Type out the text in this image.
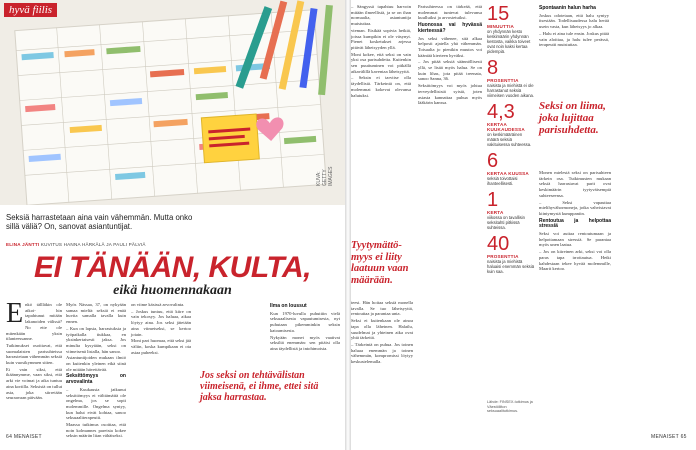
hyvä fiilis
KUVA: GETTY IMAGES
Seksiä harrastetaan aina vain vähemmän. Mutta onko sillä väliä? On, sanovat asiantuntijat.
ELINA JÄNTTI KUVITUS HANNA HÄRKÄLÄ JA PAULI PÄLVIÄ
EI TÄNÄÄN, KULTA,
eikä huomennakaan
E nkö tällläkin ole aikoi- hin tapahtunut mitään lakanoiden välissä? No ette ole mitenkään yksin tilanteessanne.

Tutkimukset osoittavat, että suomalaisten parisuhteissa harrastetaan vähemmän seksiä kuin vuosikymmen sitten.

Ei vain siksi, että ikäännymme, vaan siksi, että arki vie voimat ja aika tuntuu aina kortilla. Seksistä on tullut asia, joka siirretään seuraavaan päivään.

Myös Nässaa, 37, on nykyään samaa mieltä: seksiä ei enää huvita samalla tavalla kuin ennen.

– Kun on lapsia, harrastuksia ja työpaikalla tiukkaa, en yksinkertaisesti jaksa. Jos minulta kysytään, seksi on viimeisenä listalla, hän sanoo.

Asiantuntijoiden mukaan ilmiö on kuitenkin yleinen eikä siinä ole mitään hävettävää.

Seksittömyys on arvovalinta

– Kuukausia jatkunut seksittömyys ei välttämättä ole ongelma, jos se sopii molemmille. Ongelma syntyy, kun halut eivät kohtaa, sanoo seksuaaliterapeutti.

Maassa tutkimus osoittaa, että noin kolmannes pareista kokee seksin määrän liian vähäiseksi.

on viime käsissä arvovalinta.

– Joskus tuntuu, että kiire on vain tekosyy. Jos haluaa, aikaa löytyy aina. Jos seksi jätetään aina viimeiseksi, se kertoo jotain.

Moni pari huomaa, että seksi jää väliin, koska kumpikaan ei ota asiaa puheeksi.

Jos seksi on tehtävälistan viimeisenä, ei ihme, ettei sitä jaksa harrastaa.
Ilma on loussut

Kun 1970-luvulla puhuttiin vielä seksuaalisesta vapautumisesta, nyt puhutaan pikemminkin seksin katoamisesta.

Nykyään monet myös vaativat seksiltä enemmän: sen pitäisi olla aina täydellistä ja intohimoista.

64 MENAISET

– Sängyssä tapahtuu harvoin mitään ilmeellistä, ja se on ihan normaalia, asiantuntija muistuttaa.

vieman. Etsikää sopivia hetkiä, joissa kumpikin ei ole väsynyt. Pienet kosketukset arjessa pitävät läheisyyden yllä.

Moni kokee, että seksi on vain yksi osa parisuhdetta. Kuitenkin sen puuttuminen voi pitkällä aikavälillä kaventaa läheisyyttä.

– Seksin ei tarvitse olla täydellistä. Tärkeintä on, että molemmat kokevat olevansa halutuksi.

Tyytymättö- myys ei liity laatuun vaan määrään.

teesi. Hän hoitaa seksiä monella tavalla. Se tuo läheisyyttä, rentouttaa ja parantaa unta.

Seksi ei kuitenkaan ole ainoa tapa olla läheinen. Halailu, suudelmat ja yhteinen aika ovat yhtä tärkeitä.

– Tärkeintä on puhua. Jos toinen haluaa enemmän ja toinen vähemmän, kompromissi löytyy keskustelemalla.

Parisuhteessa on tärkeää, että molemmat tuntevat tulevansa kuulluiksi ja arvostetuiksi.

Huonossa vai hyvässä kierteessä?

Jos seksi vähenee, sitä alkaa helposti ajatella yhä vähemmän. Toisaalta jo pienikin muutos voi kääntää kierteen hyväksi.

– Jos pitää seksiä säännöllisesti yllä, se lisää myös halua. Se on kuin lihas, jota pitää treenata, sanoo Sanna, 36.

Seksittömyys voi myös johtua terveydellisistä syistä, joten asiasta kannattaa puhua myös lääkärin kanssa.

15
MINUUTTIA
on yhdynnän kesto keskimäärin yhdynnän kestosta, vaikka toiveet ovat noin kaksi kertaa pidempiä.
8
PROSENTTIA
naisista ja miehistä ei ole harrastanut seksiä viimeisen vuoden aikana.
4,3
KERTAA KUUKAUDESSA
on keskimääräinen määrä seksiä vakituisessa suhteessa.
6
KERTAA KUUSSA
seksiä toivottaisi ihanteellisesti.
1
KERTA
viikossa on tavallisin seksitahti pitkissä suhteissa.
40
PROSENTTIA
naisista ja miehistä haluaisi enemmän seksiä kuin saa.
Lähde: FINSEX-tutkimus ja Väestöliiton seksuaalitutkimus.
Spontaanin halun harha

Joskus odotetaan, että halu syntyy itsestään. Todellisuudessa halu herää usein vasta, kun läheisyys jo alkaa.

– Halu ei aina tule ensin. Joskus pitää vain aloittaa, ja halu tulee perässä, terapeutti muistuttaa.

Seksi on liima, joka lujittaa parisuhdetta.

Monen mielestä seksi on parisuhteen tärkein osa. Tutkimusten mukaan seksiä harrastavat parit ovat keskimäärin tyytyväisempiä suhteeseensa.

– Seksi vapauttaa mielihyvähormoneja, jotka vahvistavat kiintymystä kumppaniin.

Rentoutua ja helpottaa stressiä

Seksi voi auttaa rentoutumaan ja helpottamaan stressiä. Se parantaa myös unen laatua.

– Jos on kiireinen arki, seksi voi olla paras tapa irrottautua. Hetki kahdestaan tekee hyvää molemmille, Maarit kertoo.

MENAISET 65
